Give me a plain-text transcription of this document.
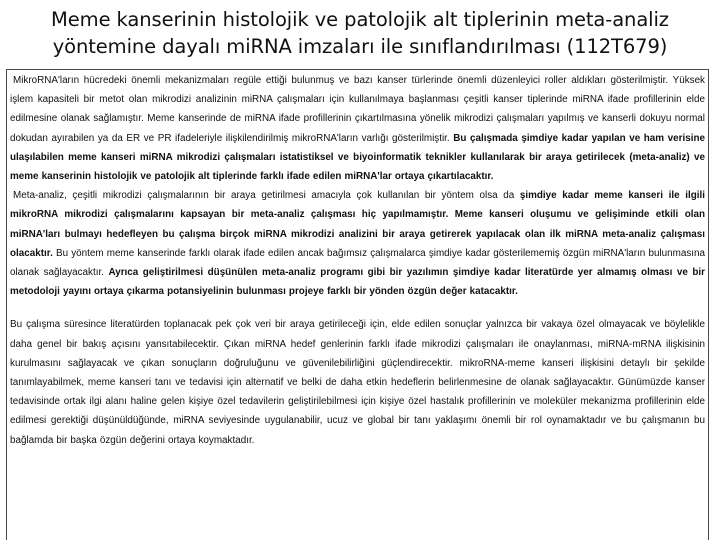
Meme kanserinin histolojik ve patolojik alt tiplerinin meta-analiz
yöntemine dayalı miRNA imzaları ile sınıflandırılması (112T679)

MikroRNA'ların hücredeki önemli mekanizmaları regüle ettiği bulunmuş ve bazı kanser türlerinde önemli düzenleyici roller aldıkları gösterilmiştir. Yüksek işlem kapasiteli bir metot olan mikrodizi analizinin miRNA çalışmaları için kullanılmaya başlanması çeşitli kanser tiplerinde miRNA ifade profillerinin elde edilmesine olanak sağlamıştır. Meme kanserinde de miRNA ifade profillerinin çıkartılmasına yönelik mikrodizi çalışmaları yapılmış ve kanserli dokuyu normal dokudan ayırabilen ya da ER ve PR ifadeleriyle ilişkilendirilmiş mikroRNA'ların varlığı gösterilmiştir. Bu çalışmada şimdiye kadar yapılan ve ham verisine ulaşılabilen meme kanseri miRNA mikrodizi çalışmaları istatistiksel ve biyoinformatik teknikler kullanılarak bir araya getirilecek (meta-analiz) ve meme kanserinin histolojik ve patolojik alt tiplerinde farklı ifade edilen miRNA'lar ortaya çıkartılacaktır.

Meta-analiz, çeşitli mikrodizi çalışmalarının bir araya getirilmesi amacıyla çok kullanılan bir yöntem olsa da şimdiye kadar meme kanseri ile ilgili mikroRNA mikrodizi çalışmalarını kapsayan bir meta-analiz çalışması hiç yapılmamıştır. Meme kanseri oluşumu ve gelişiminde etkili olan miRNA'ları bulmayı hedefleyen bu çalışma birçok miRNA mikrodizi analizini bir araya getirerek yapılacak olan ilk miRNA meta-analiz çalışması olacaktır. Bu yöntem meme kanserinde farklı olarak ifade edilen ancak bağımsız çalışmalarca şimdiye kadar gösterilememiş özgün miRNA'ların bulunmasına olanak sağlayacaktır. Ayrıca geliştirilmesi düşünülen meta-analiz programı gibi bir yazılımın şimdiye kadar literatürde yer almamış olması ve bir metodoloji yayını ortaya çıkarma potansiyelinin bulunması projeye farklı bir yönden özgün değer katacaktır.

Bu çalışma süresince literatürden toplanacak pek çok veri bir araya getirileceği için, elde edilen sonuçlar yalnızca bir vakaya özel olmayacak ve böylelikle daha genel bir bakış açısını yansıtabilecektir. Çıkan miRNA hedef genlerinin farklı ifade mikrodizi çalışmaları ile onaylanması, miRNA-mRNA ilişkisinin kurulmasını sağlayacak ve çıkan sonuçların doğruluğunu ve güvenilebilirliğini güçlendirecektir. mikroRNA-meme kanseri ilişkisini detaylı bir şekilde tanımlayabilmek, meme kanseri tanı ve tedavisi için alternatif ve belki de daha etkin hedeflerin belirlenmesine de olanak sağlayacaktır. Günümüzde kanser tedavisinde ortak ilgi alanı haline gelen kişiye özel tedavilerin geliştirilebilmesi için kişiye özel hastalık profillerinin ve moleküler mekanizma profillerinin elde edilmesi gerektiği düşünüldüğünde, miRNA seviyesinde uygulanabilir, ucuz ve global bir tanı yaklaşımı önemli bir rol oynamaktadır ve bu çalışmanın bu bağlamda bir başka özgün değerini ortaya koymaktadır.
